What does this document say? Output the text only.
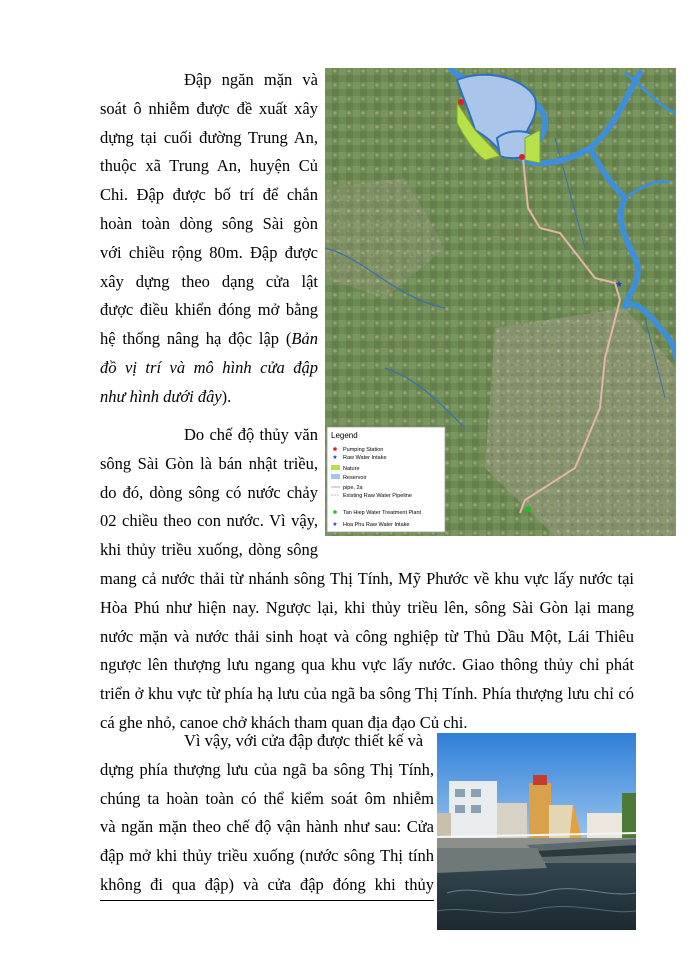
Đập ngăn mặn và
soát ô nhiễm được đề xuất xây
dựng tại cuối đường Trung An,
thuộc xã Trung An, huyện Củ
Chi. Đập được bố trí để chắn
hoàn toàn dòng sông Sài gòn
với chiều rộng 80m. Đập được
xây dựng theo dạng cửa lật
được điều khiển đóng mở bằng
hệ thống nâng hạ độc lập (Bản
đồ vị trí và mô hình cửa đập
như hình dưới đây).
Do chế độ thủy văn
sông Sài Gòn là bán nhật triều,
do đó, dòng sông có nước chảy
02 chiều theo con nước. Vì vậy,
khi thủy triều xuống, dòng sông
mang cả nước thải từ nhánh sông Thị Tính, Mỹ Phước về khu vực lấy nước tại
Hòa Phú như hiện nay. Ngược lại, khi thủy triều lên, sông Sài Gòn lại mang
nước mặn và nước thải sinh hoạt và công nghiệp từ Thủ Dầu Một, Lái Thiêu
ngược lên thượng lưu ngang qua khu vực lấy nước. Giao thông thủy chỉ phát
triển ở khu vực từ phía hạ lưu của ngã ba sông Thị Tính. Phía thượng lưu chỉ có
cá ghe nhỏ, canoe chở khách tham quan địa đạo Củ chi.
Vì vậy, với cửa đập được thiết kế và
dựng phía thượng lưu của ngã ba sông Thị Tính,
chúng ta hoàn toàn có thể kiểm soát ôm nhiễm
và ngăn mặn theo chế độ vận hành như sau: Cửa
đập mở khi thủy triều xuống (nước sông Thị tính
không đi qua đập) và cửa đập đóng khi thủy
★
Legend
Pumping Station
★ Raw Water Intake
Nature
Reservoir
pipe, 2a
Existing Raw Water Pipeline
Tan Hiep Water Treatment Plant
★ Hoa Phu Raw Water Intake
